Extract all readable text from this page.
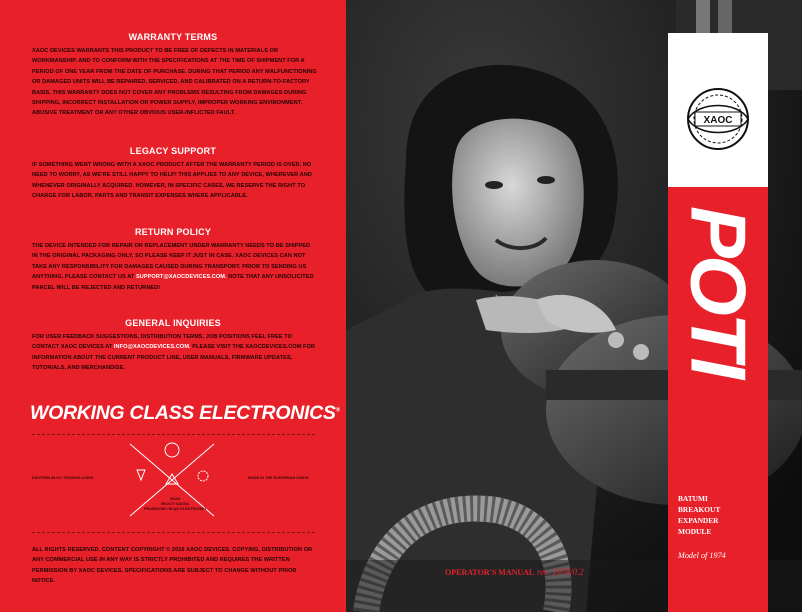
WARRANTY TERMS
XAOC DEVICES WARRANTS THIS PRODUCT TO BE FREE OF DEFECTS IN MATERIALS OR WORKMANSHIP, AND TO CONFORM WITH THE SPECIFICATIONS AT THE TIME OF SHIPMENT FOR A PERIOD OF ONE YEAR FROM THE DATE OF PURCHASE. DURING THAT PERIOD ANY MALFUNCTIONING OR DAMAGED UNITS WILL BE REPAIRED, SERVICED, AND CALIBRATED ON A RETURN-TO-FACTORY BASIS. THIS WARRANTY DOES NOT COVER ANY PROBLEMS RESULTING FROM DAMAGES DURING SHIPPING, INCORRECT INSTALLATION OR POWER SUPPLY, IMPROPER WORKING ENVIRONMENT, ABUSIVE TREATMENT OR ANY OTHER OBVIOUS USER-INFLICTED FAULT.
LEGACY SUPPORT
IF SOMETHING WENT WRONG WITH A XAOC PRODUCT AFTER THE WARRANTY PERIOD IS OVER, NO NEED TO WORRY, AS WE'RE STILL HAPPY TO HELP! THIS APPLIES TO ANY DEVICE, WHEREVER AND WHENEVER ORIGINALLY ACQUIRED. HOWEVER, IN SPECIFIC CASES, WE RESERVE THE RIGHT TO CHARGE FOR LABOR, PARTS AND TRANSIT EXPENSES WHERE APPLICABLE.
RETURN POLICY
THE DEVICE INTENDED FOR REPAIR OR REPLACEMENT UNDER WARRANTY NEEDS TO BE SHIPPED IN THE ORIGINAL PACKAGING ONLY, SO PLEASE KEEP IT JUST IN CASE. XAOC DEVICES CAN NOT TAKE ANY RESPONSIBILITY FOR DAMAGES CAUSED DURING TRANSPORT. PRIOR TO SENDING US ANYTHING, PLEASE CONTACT US AT SUPPORT@XAOCDEVICES.COM. NOTE THAT ANY UNSOLICITED PARCEL WILL BE REJECTED AND RETURNED!
GENERAL INQUIRIES
FOR USER FEEDBACK SUGGESTIONS, DISTRIBUTION TERMS, JOB POSITIONS FEEL FREE TO CONTACT XAOC DEVICES AT INFO@XAOCDEVICES.COM. PLEASE VISIT THE XAOCDEVICES.COM FOR INFORMATION ABOUT THE CURRENT PRODUCT LINE, USER MANUALS, FIRMWARE UPDATES, TUTORIALS, AND MERCHANDISE.
WORKING CLASS ELECTRONICS®
EASTERN BLOC TECHNOLOGIES	MADE IN THE EUROPEAN UNION
ЗНАК
ЯКОСТІ ХАОКА
PRAWDZIWY BŁĄD ELEKTRONIKI
ALL RIGHTS RESERVED. CONTENT COPYRIGHT © 2016 XAOC DEVICES. COPYING, DISTRIBUTION OR ANY COMMERCIAL USE IN ANY WAY IS STRICTLY PROHIBITED AND REQUIRES THE WRITTEN PERMISSION BY XAOC DEVICES. SPECIFICATIONS ARE SUBJECT TO CHANGE WITHOUT PRIOR NOTICE.
OPERATOR'S MANUAL rev. 1974/0.2
XAOC
®
POTI
BATUMI
BREAKOUT
EXPANDER
MODULE
Model of 1974
